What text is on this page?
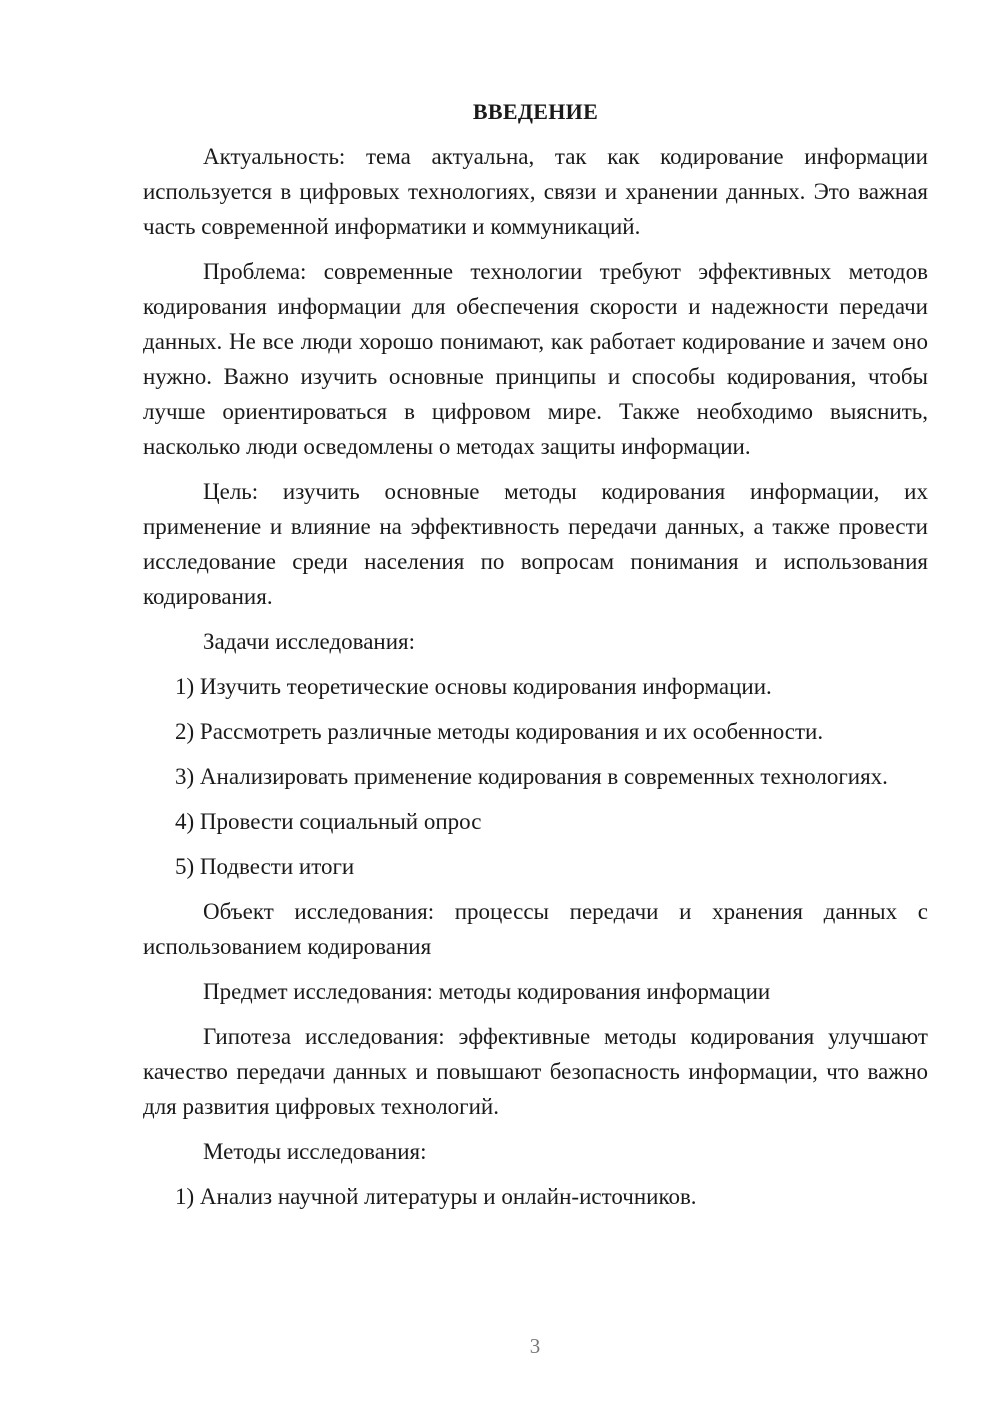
ВВЕДЕНИЕ

Актуальность: тема актуальна, так как кодирование информации используется в цифровых технологиях, связи и хранении данных. Это важная часть современной информатики и коммуникаций.

Проблема: современные технологии требуют эффективных методов кодирования информации для обеспечения скорости и надежности передачи данных. Не все люди хорошо понимают, как работает кодирование и зачем оно нужно. Важно изучить основные принципы и способы кодирования, чтобы лучше ориентироваться в цифровом мире. Также необходимо выяснить, насколько люди осведомлены о методах защиты информации.

Цель: изучить основные методы кодирования информации, их применение и влияние на эффективность передачи данных, а также провести исследование среди населения по вопросам понимания и использования кодирования.

Задачи исследования:

1) Изучить теоретические основы кодирования информации.

2) Рассмотреть различные методы кодирования и их особенности.

3) Анализировать применение кодирования в современных технологиях.

4) Провести социальный опрос

5) Подвести итоги

Объект исследования: процессы передачи и хранения данных с использованием кодирования

Предмет исследования: методы кодирования информации

Гипотеза исследования: эффективные методы кодирования улучшают качество передачи данных и повышают безопасность информации, что важно для развития цифровых технологий.

Методы исследования:

1) Анализ научной литературы и онлайн-источников.

3
